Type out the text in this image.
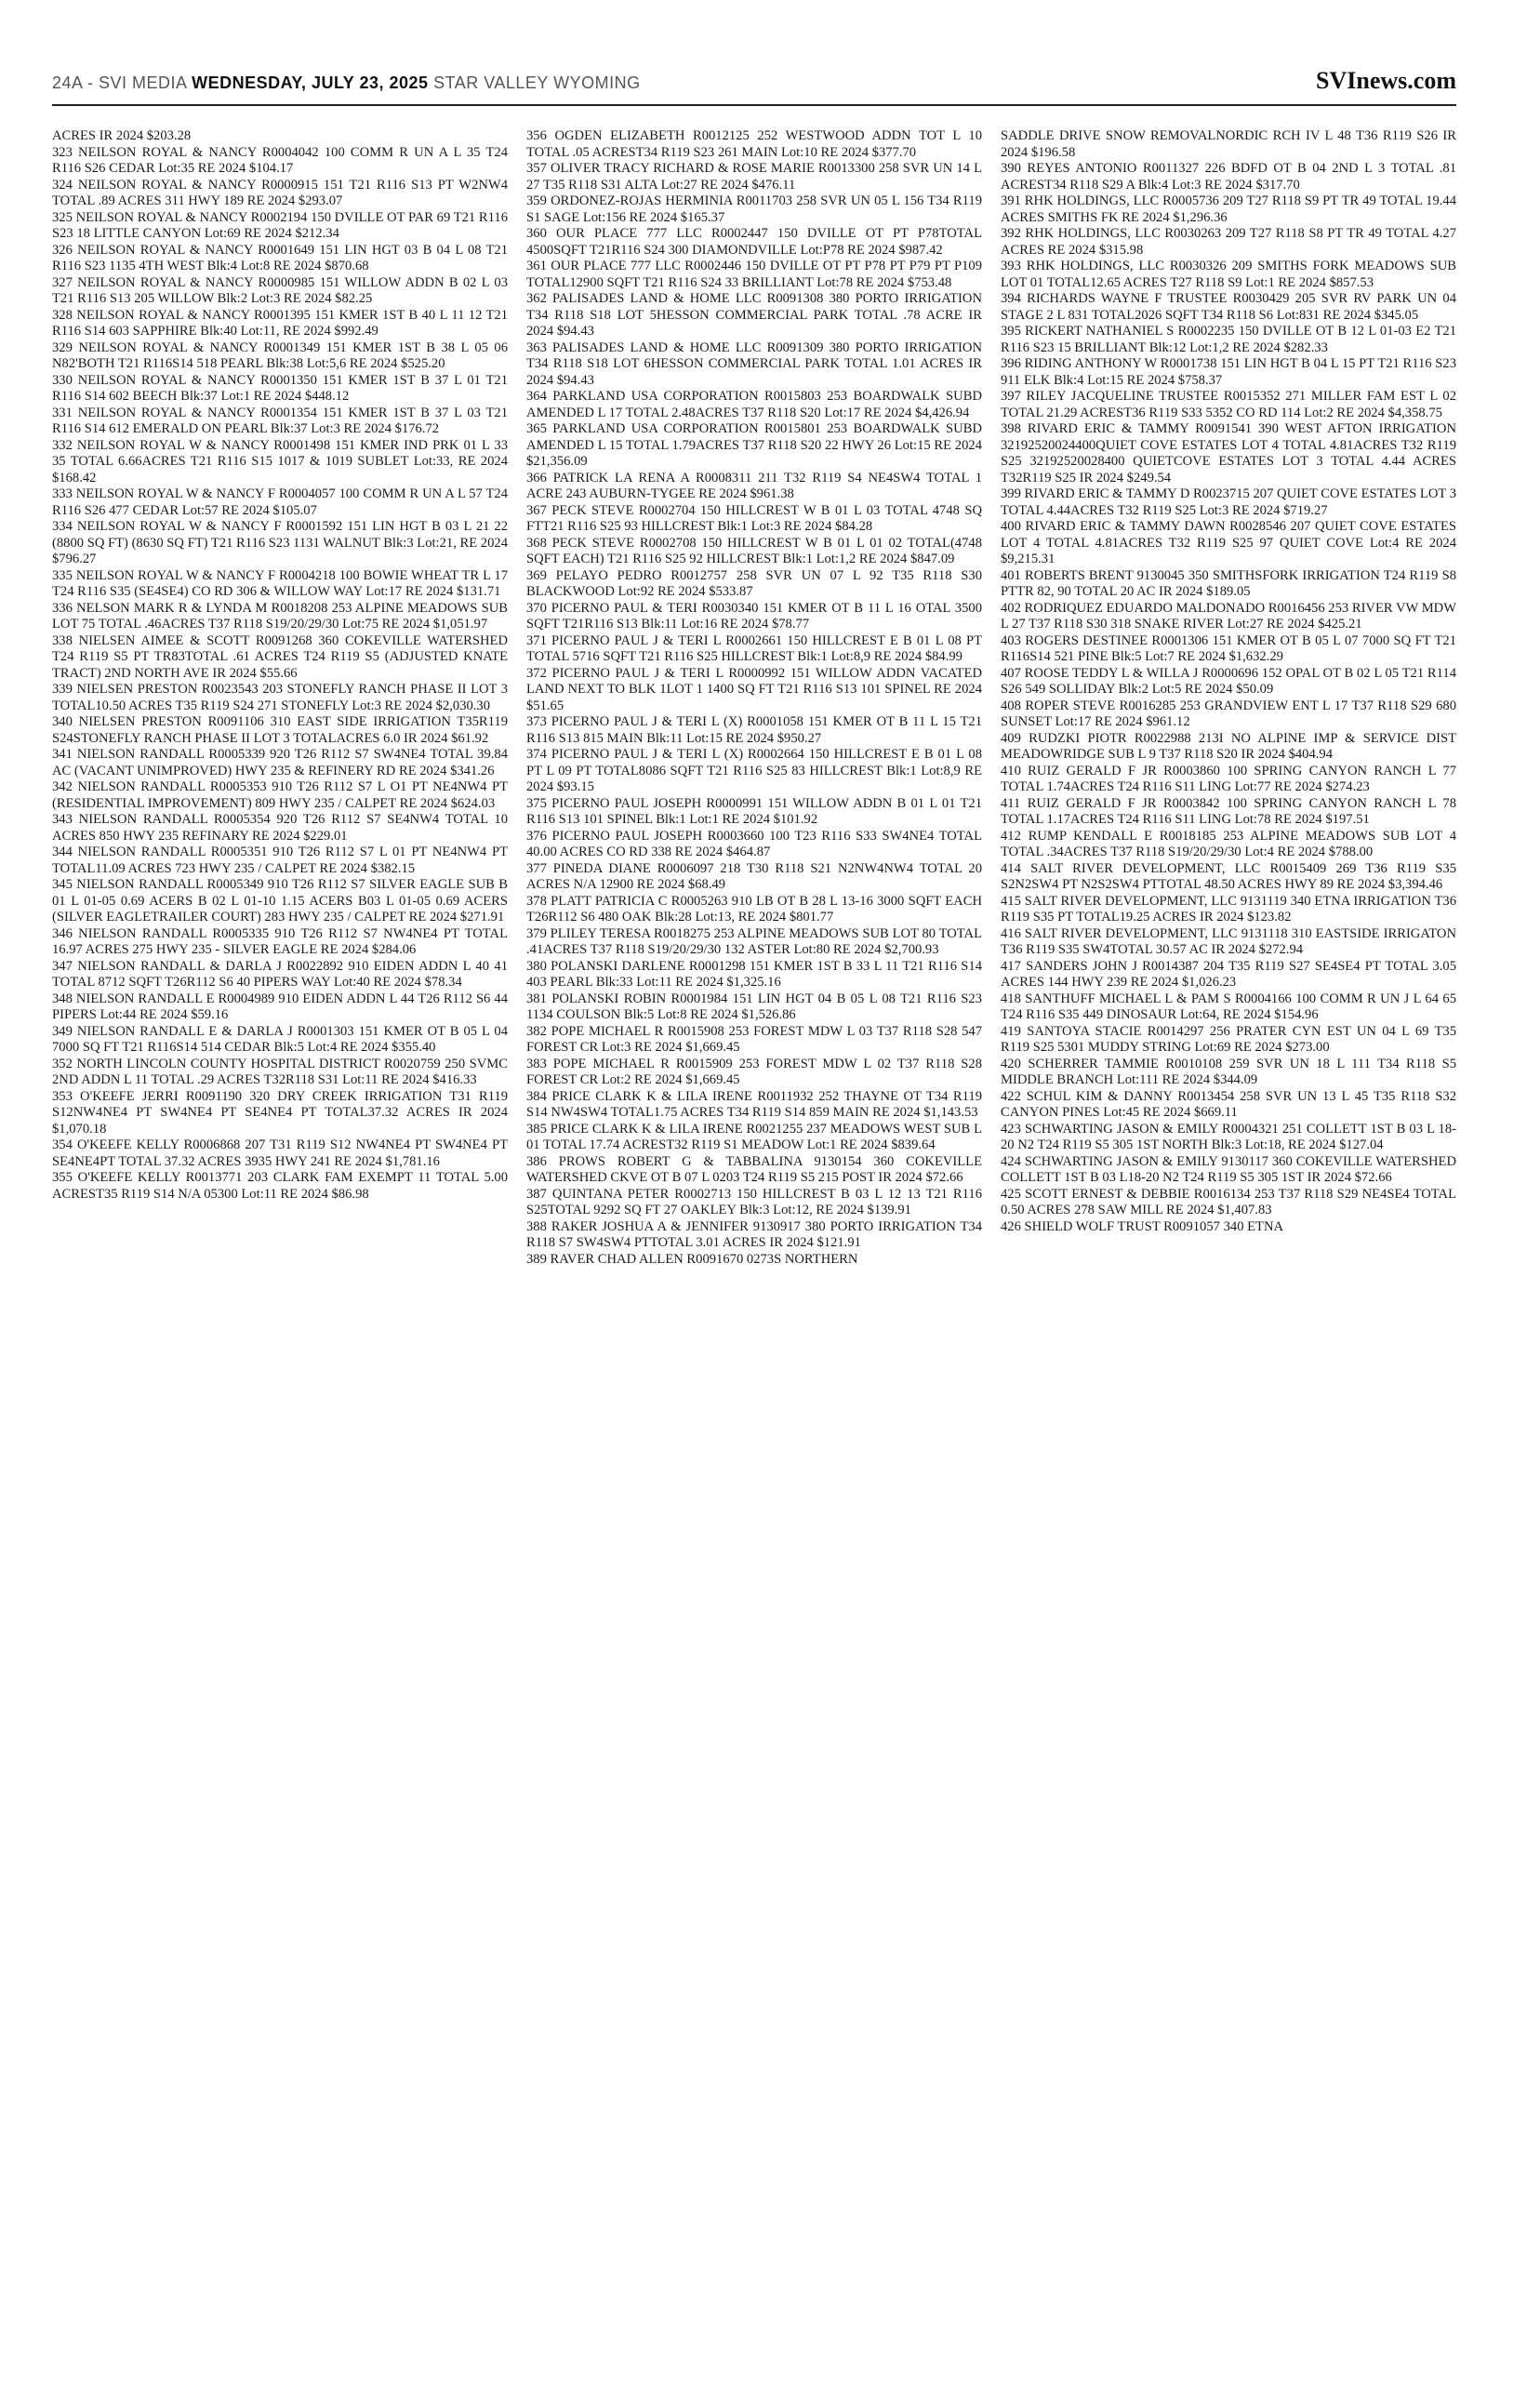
24A - SVI MEDIA WEDNESDAY, JULY 23, 2025 STAR VALLEY WYOMING	SVInews.com

ACRES IR 2024 $203.28

323 NEILSON ROYAL & NANCY R0004042 100 COMM R UN A L 35 T24 R116 S26 CEDAR Lot:35 RE 2024 $104.17

324 NEILSON ROYAL & NANCY R0000915 151 T21 R116 S13 PT W2NW4 TOTAL .89 ACRES 311 HWY 189 RE 2024 $293.07

325 NEILSON ROYAL & NANCY R0002194 150 DVILLE OT PAR 69 T21 R116 S23 18 LITTLE CANYON Lot:69 RE 2024 $212.34

326 NEILSON ROYAL & NANCY R0001649 151 LIN HGT 03 B 04 L 08 T21 R116 S23 1135 4TH WEST Blk:4 Lot:8 RE 2024 $870.68

327 NEILSON ROYAL & NANCY R0000985 151 WILLOW ADDN B 02 L 03 T21 R116 S13 205 WILLOW Blk:2 Lot:3 RE 2024 $82.25

328 NEILSON ROYAL & NANCY R0001395 151 KMER 1ST B 40 L 11 12 T21 R116 S14 603 SAPPHIRE Blk:40 Lot:11, RE 2024 $992.49

329 NEILSON ROYAL & NANCY R0001349 151 KMER 1ST B 38 L 05 06 N82'BOTH T21 R116S14 518 PEARL Blk:38 Lot:5,6 RE 2024 $525.20

330 NEILSON ROYAL & NANCY R0001350 151 KMER 1ST B 37 L 01 T21 R116 S14 602 BEECH Blk:37 Lot:1 RE 2024 $448.12

331 NEILSON ROYAL & NANCY R0001354 151 KMER 1ST B 37 L 03 T21 R116 S14 612 EMERALD ON PEARL Blk:37 Lot:3 RE 2024 $176.72

332 NEILSON ROYAL W & NANCY R0001498 151 KMER IND PRK 01 L 33 35 TOTAL 6.66ACRES T21 R116 S15 1017 & 1019 SUBLET Lot:33, RE 2024 $168.42

333 NEILSON ROYAL W & NANCY F R0004057 100 COMM R UN A L 57 T24 R116 S26 477 CEDAR Lot:57 RE 2024 $105.07

334 NEILSON ROYAL W & NANCY F R0001592 151 LIN HGT B 03 L 21 22 (8800 SQ FT) (8630 SQ FT) T21 R116 S23 1131 WALNUT Blk:3 Lot:21, RE 2024 $796.27

335 NEILSON ROYAL W & NANCY F R0004218 100 BOWIE WHEAT TR L 17 T24 R116 S35 (SE4SE4) CO RD 306 & WILLOW WAY Lot:17 RE 2024 $131.71

336 NELSON MARK R & LYNDA M R0018208 253 ALPINE MEADOWS SUB LOT 75 TOTAL .46ACRES T37 R118 S19/20/29/30 Lot:75 RE 2024 $1,051.97

338 NIELSEN AIMEE & SCOTT R0091268 360 COKEVILLE WATERSHED T24 R119 S5 PT TR83TOTAL .61 ACRES T24 R119 S5 (ADJUSTED KNATE TRACT) 2ND NORTH AVE IR 2024 $55.66

339 NIELSEN PRESTON R0023543 203 STONEFLY RANCH PHASE II LOT 3 TOTAL10.50 ACRES T35 R119 S24 271 STONEFLY Lot:3 RE 2024 $2,030.30

340 NIELSEN PRESTON R0091106 310 EAST SIDE IRRIGATION T35R119 S24STONEFLY RANCH PHASE II LOT 3 TOTALACRES 6.0 IR 2024 $61.92

341 NIELSON RANDALL R0005339 920 T26 R112 S7 SW4NE4 TOTAL 39.84 AC (VACANT UNIMPROVED) HWY 235 & REFINERY RD RE 2024 $341.26

342 NIELSON RANDALL R0005353 910 T26 R112 S7 L O1 PT NE4NW4 PT (RESIDENTIAL IMPROVEMENT) 809 HWY 235 / CALPET RE 2024 $624.03

343 NIELSON RANDALL R0005354 920 T26 R112 S7 SE4NW4 TOTAL 10 ACRES 850 HWY 235 REFINARY RE 2024 $229.01

344 NIELSON RANDALL R0005351 910 T26 R112 S7 L 01 PT NE4NW4 PT TOTAL11.09 ACRES 723 HWY 235 / CALPET RE 2024 $382.15

345 NIELSON RANDALL R0005349 910 T26 R112 S7 SILVER EAGLE SUB B 01 L 01-05 0.69 ACERS B 02 L 01-10 1.15 ACERS B03 L 01-05 0.69 ACERS (SILVER EAGLETRAILER COURT) 283 HWY 235 / CALPET RE 2024 $271.91

346 NIELSON RANDALL R0005335 910 T26 R112 S7 NW4NE4 PT TOTAL 16.97 ACRES 275 HWY 235 - SILVER EAGLE RE 2024 $284.06

347 NIELSON RANDALL & DARLA J R0022892 910 EIDEN ADDN L 40 41 TOTAL 8712 SQFT T26R112 S6 40 PIPERS WAY Lot:40 RE 2024 $78.34

348 NIELSON RANDALL E R0004989 910 EIDEN ADDN L 44 T26 R112 S6 44 PIPERS Lot:44 RE 2024 $59.16

349 NIELSON RANDALL E & DARLA J R0001303 151 KMER OT B 05 L 04 7000 SQ FT T21 R116S14 514 CEDAR Blk:5 Lot:4 RE 2024 $355.40

352 NORTH LINCOLN COUNTY HOSPITAL DISTRICT R0020759 250 SVMC 2ND ADDN L 11 TOTAL .29 ACRES T32R118 S31 Lot:11 RE 2024 $416.33

353 O'KEEFE JERRI R0091190 320 DRY CREEK IRRIGATION T31 R119 S12NW4NE4 PT SW4NE4 PT SE4NE4 PT TOTAL37.32 ACRES IR 2024 $1,070.18

354 O'KEEFE KELLY R0006868 207 T31 R119 S12 NW4NE4 PT SW4NE4 PT SE4NE4PT TOTAL 37.32 ACRES 3935 HWY 241 RE 2024 $1,781.16

355 O'KEEFE KELLY R0013771 203 CLARK FAM EXEMPT 11 TOTAL 5.00 ACREST35 R119 S14 N/A 05300 Lot:11 RE 2024 $86.98

356 OGDEN ELIZABETH R0012125 252 WESTWOOD ADDN TOT L 10 TOTAL .05 ACREST34 R119 S23 261 MAIN Lot:10 RE 2024 $377.70

357 OLIVER TRACY RICHARD & ROSE MARIE R0013300 258 SVR UN 14 L 27 T35 R118 S31 ALTA Lot:27 RE 2024 $476.11

359 ORDONEZ-ROJAS HERMINIA R0011703 258 SVR UN 05 L 156 T34 R119 S1 SAGE Lot:156 RE 2024 $165.37

360 OUR PLACE 777 LLC R0002447 150 DVILLE OT PT P78TOTAL 4500SQFT T21R116 S24 300 DIAMONDVILLE Lot:P78 RE 2024 $987.42

361 OUR PLACE 777 LLC R0002446 150 DVILLE OT PT P78 PT P79 PT P109 TOTAL12900 SQFT T21 R116 S24 33 BRILLIANT Lot:78 RE 2024 $753.48

362 PALISADES LAND & HOME LLC R0091308 380 PORTO IRRIGATION T34 R118 S18 LOT 5HESSON COMMERCIAL PARK TOTAL .78 ACRE IR 2024 $94.43

363 PALISADES LAND & HOME LLC R0091309 380 PORTO IRRIGATION T34 R118 S18 LOT 6HESSON COMMERCIAL PARK TOTAL 1.01 ACRES IR 2024 $94.43

364 PARKLAND USA CORPORATION R0015803 253 BOARDWALK SUBD AMENDED L 17 TOTAL 2.48ACRES T37 R118 S20 Lot:17 RE 2024 $4,426.94

365 PARKLAND USA CORPORATION R0015801 253 BOARDWALK SUBD AMENDED L 15 TOTAL 1.79ACRES T37 R118 S20 22 HWY 26 Lot:15 RE 2024 $21,356.09

366 PATRICK LA RENA A R0008311 211 T32 R119 S4 NE4SW4 TOTAL 1 ACRE 243 AUBURN-TYGEE RE 2024 $961.38

367 PECK STEVE R0002704 150 HILLCREST W B 01 L 03 TOTAL 4748 SQ FTT21 R116 S25 93 HILLCREST Blk:1 Lot:3 RE 2024 $84.28

368 PECK STEVE R0002708 150 HILLCREST W B 01 L 01 02 TOTAL(4748 SQFT EACH) T21 R116 S25 92 HILLCREST Blk:1 Lot:1,2 RE 2024 $847.09

369 PELAYO PEDRO R0012757 258 SVR UN 07 L 92 T35 R118 S30 BLACKWOOD Lot:92 RE 2024 $533.87

370 PICERNO PAUL & TERI R0030340 151 KMER OT B 11 L 16 OTAL 3500 SQFT T21R116 S13 Blk:11 Lot:16 RE 2024 $78.77

371 PICERNO PAUL J & TERI L R0002661 150 HILLCREST E B 01 L 08 PT TOTAL 5716 SQFT T21 R116 S25 HILLCREST Blk:1 Lot:8,9 RE 2024 $84.99

372 PICERNO PAUL J & TERI L R0000992 151 WILLOW ADDN VACATED LAND NEXT TO BLK 1LOT 1 1400 SQ FT T21 R116 S13 101 SPINEL RE 2024 $51.65

373 PICERNO PAUL J & TERI L (X) R0001058 151 KMER OT B 11 L 15 T21 R116 S13 815 MAIN Blk:11 Lot:15 RE 2024 $950.27

374 PICERNO PAUL J & TERI L (X) R0002664 150 HILLCREST E B 01 L 08 PT L 09 PT TOTAL8086 SQFT T21 R116 S25 83 HILLCREST Blk:1 Lot:8,9 RE 2024 $93.15

375 PICERNO PAUL JOSEPH R0000991 151 WILLOW ADDN B 01 L 01 T21 R116 S13 101 SPINEL Blk:1 Lot:1 RE 2024 $101.92

376 PICERNO PAUL JOSEPH R0003660 100 T23 R116 S33 SW4NE4 TOTAL 40.00 ACRES CO RD 338 RE 2024 $464.87

377 PINEDA DIANE R0006097 218 T30 R118 S21 N2NW4NW4 TOTAL 20 ACRES N/A 12900 RE 2024 $68.49

378 PLATT PATRICIA C R0005263 910 LB OT B 28 L 13-16 3000 SQFT EACH T26R112 S6 480 OAK Blk:28 Lot:13, RE 2024 $801.77

379 PLILEY TERESA R0018275 253 ALPINE MEADOWS SUB LOT 80 TOTAL .41ACRES T37 R118 S19/20/29/30 132 ASTER Lot:80 RE 2024 $2,700.93

380 POLANSKI DARLENE R0001298 151 KMER 1ST B 33 L 11 T21 R116 S14 403 PEARL Blk:33 Lot:11 RE 2024 $1,325.16

381 POLANSKI ROBIN R0001984 151 LIN HGT 04 B 05 L 08 T21 R116 S23 1134 COULSON Blk:5 Lot:8 RE 2024 $1,526.86

382 POPE MICHAEL R R0015908 253 FOREST MDW L 03 T37 R118 S28 547 FOREST CR Lot:3 RE 2024 $1,669.45

383 POPE MICHAEL R R0015909 253 FOREST MDW L 02 T37 R118 S28 FOREST CR Lot:2 RE 2024 $1,669.45

384 PRICE CLARK K & LILA IRENE R0011932 252 THAYNE OT T34 R119 S14 NW4SW4 TOTAL1.75 ACRES T34 R119 S14 859 MAIN RE 2024 $1,143.53

385 PRICE CLARK K & LILA IRENE R0021255 237 MEADOWS WEST SUB L 01 TOTAL 17.74 ACREST32 R119 S1 MEADOW Lot:1 RE 2024 $839.64

386 PROWS ROBERT G & TABBALINA 9130154 360 COKEVILLE WATERSHED CKVE OT B 07 L 0203 T24 R119 S5 215 POST IR 2024 $72.66

387 QUINTANA PETER R0002713 150 HILLCREST B 03 L 12 13 T21 R116 S25TOTAL 9292 SQ FT 27 OAKLEY Blk:3 Lot:12, RE 2024 $139.91

388 RAKER JOSHUA A & JENNIFER 9130917 380 PORTO IRRIGATION T34 R118 S7 SW4SW4 PTTOTAL 3.01 ACRES IR 2024 $121.91

389 RAVER CHAD ALLEN R0091670 0273S NORTHERN

SADDLE DRIVE SNOW REMOVALNORDIC RCH IV L 48 T36 R119 S26 IR 2024 $196.58

390 REYES ANTONIO R0011327 226 BDFD OT B 04 2ND L 3 TOTAL .81 ACREST34 R118 S29 A Blk:4 Lot:3 RE 2024 $317.70

391 RHK HOLDINGS, LLC R0005736 209 T27 R118 S9 PT TR 49 TOTAL 19.44 ACRES SMITHS FK RE 2024 $1,296.36

392 RHK HOLDINGS, LLC R0030263 209 T27 R118 S8 PT TR 49 TOTAL 4.27 ACRES RE 2024 $315.98

393 RHK HOLDINGS, LLC R0030326 209 SMITHS FORK MEADOWS SUB LOT 01 TOTAL12.65 ACRES T27 R118 S9 Lot:1 RE 2024 $857.53

394 RICHARDS WAYNE F TRUSTEE R0030429 205 SVR RV PARK UN 04 STAGE 2 L 831 TOTAL2026 SQFT T34 R118 S6 Lot:831 RE 2024 $345.05

395 RICKERT NATHANIEL S R0002235 150 DVILLE OT B 12 L 01-03 E2 T21 R116 S23 15 BRILLIANT Blk:12 Lot:1,2 RE 2024 $282.33

396 RIDING ANTHONY W R0001738 151 LIN HGT B 04 L 15 PT T21 R116 S23 911 ELK Blk:4 Lot:15 RE 2024 $758.37

397 RILEY JACQUELINE TRUSTEE R0015352 271 MILLER FAM EST L 02 TOTAL 21.29 ACREST36 R119 S33 5352 CO RD 114 Lot:2 RE 2024 $4,358.75

398 RIVARD ERIC & TAMMY R0091541 390 WEST AFTON IRRIGATION 32192520024400QUIET COVE ESTATES LOT 4 TOTAL 4.81ACRES T32 R119 S25 32192520028400 QUIETCOVE ESTATES LOT 3 TOTAL 4.44 ACRES T32R119 S25 IR 2024 $249.54

399 RIVARD ERIC & TAMMY D R0023715 207 QUIET COVE ESTATES LOT 3 TOTAL 4.44ACRES T32 R119 S25 Lot:3 RE 2024 $719.27

400 RIVARD ERIC & TAMMY DAWN R0028546 207 QUIET COVE ESTATES LOT 4 TOTAL 4.81ACRES T32 R119 S25 97 QUIET COVE Lot:4 RE 2024 $9,215.31

401 ROBERTS BRENT 9130045 350 SMITHSFORK IRRIGATION T24 R119 S8 PTTR 82, 90 TOTAL 20 AC IR 2024 $189.05

402 RODRIQUEZ EDUARDO MALDONADO R0016456 253 RIVER VW MDW L 27 T37 R118 S30 318 SNAKE RIVER Lot:27 RE 2024 $425.21

403 ROGERS DESTINEE R0001306 151 KMER OT B 05 L 07 7000 SQ FT T21 R116S14 521 PINE Blk:5 Lot:7 RE 2024 $1,632.29

407 ROOSE TEDDY L & WILLA J R0000696 152 OPAL OT B 02 L 05 T21 R114 S26 549 SOLLIDAY Blk:2 Lot:5 RE 2024 $50.09

408 ROPER STEVE R0016285 253 GRANDVIEW ENT L 17 T37 R118 S29 680 SUNSET Lot:17 RE 2024 $961.12

409 RUDZKI PIOTR R0022988 213I NO ALPINE IMP & SERVICE DIST MEADOWRIDGE SUB L 9 T37 R118 S20 IR 2024 $404.94

410 RUIZ GERALD F JR R0003860 100 SPRING CANYON RANCH L 77 TOTAL 1.74ACRES T24 R116 S11 LING Lot:77 RE 2024 $274.23

411 RUIZ GERALD F JR R0003842 100 SPRING CANYON RANCH L 78 TOTAL 1.17ACRES T24 R116 S11 LING Lot:78 RE 2024 $197.51

412 RUMP KENDALL E R0018185 253 ALPINE MEADOWS SUB LOT 4 TOTAL .34ACRES T37 R118 S19/20/29/30 Lot:4 RE 2024 $788.00

414 SALT RIVER DEVELOPMENT, LLC R0015409 269 T36 R119 S35 S2N2SW4 PT N2S2SW4 PTTOTAL 48.50 ACRES HWY 89 RE 2024 $3,394.46

415 SALT RIVER DEVELOPMENT, LLC 9131119 340 ETNA IRRIGATION T36 R119 S35 PT TOTAL19.25 ACRES IR 2024 $123.82

416 SALT RIVER DEVELOPMENT, LLC 9131118 310 EASTSIDE IRRIGATON T36 R119 S35 SW4TOTAL 30.57 AC IR 2024 $272.94

417 SANDERS JOHN J R0014387 204 T35 R119 S27 SE4SE4 PT TOTAL 3.05 ACRES 144 HWY 239 RE 2024 $1,026.23

418 SANTHUFF MICHAEL L & PAM S R0004166 100 COMM R UN J L 64 65 T24 R116 S35 449 DINOSAUR Lot:64, RE 2024 $154.96

419 SANTOYA STACIE R0014297 256 PRATER CYN EST UN 04 L 69 T35 R119 S25 5301 MUDDY STRING Lot:69 RE 2024 $273.00

420 SCHERRER TAMMIE R0010108 259 SVR UN 18 L 111 T34 R118 S5 MIDDLE BRANCH Lot:111 RE 2024 $344.09

422 SCHUL KIM & DANNY R0013454 258 SVR UN 13 L 45 T35 R118 S32 CANYON PINES Lot:45 RE 2024 $669.11

423 SCHWARTING JASON & EMILY R0004321 251 COLLETT 1ST B 03 L 18-20 N2 T24 R119 S5 305 1ST NORTH Blk:3 Lot:18, RE 2024 $127.04

424 SCHWARTING JASON & EMILY 9130117 360 COKEVILLE WATERSHED COLLETT 1ST B 03 L18-20 N2 T24 R119 S5 305 1ST IR 2024 $72.66

425 SCOTT ERNEST & DEBBIE R0016134 253 T37 R118 S29 NE4SE4 TOTAL 0.50 ACRES 278 SAW MILL RE 2024 $1,407.83

426 SHIELD WOLF TRUST R0091057 340 ETNA
